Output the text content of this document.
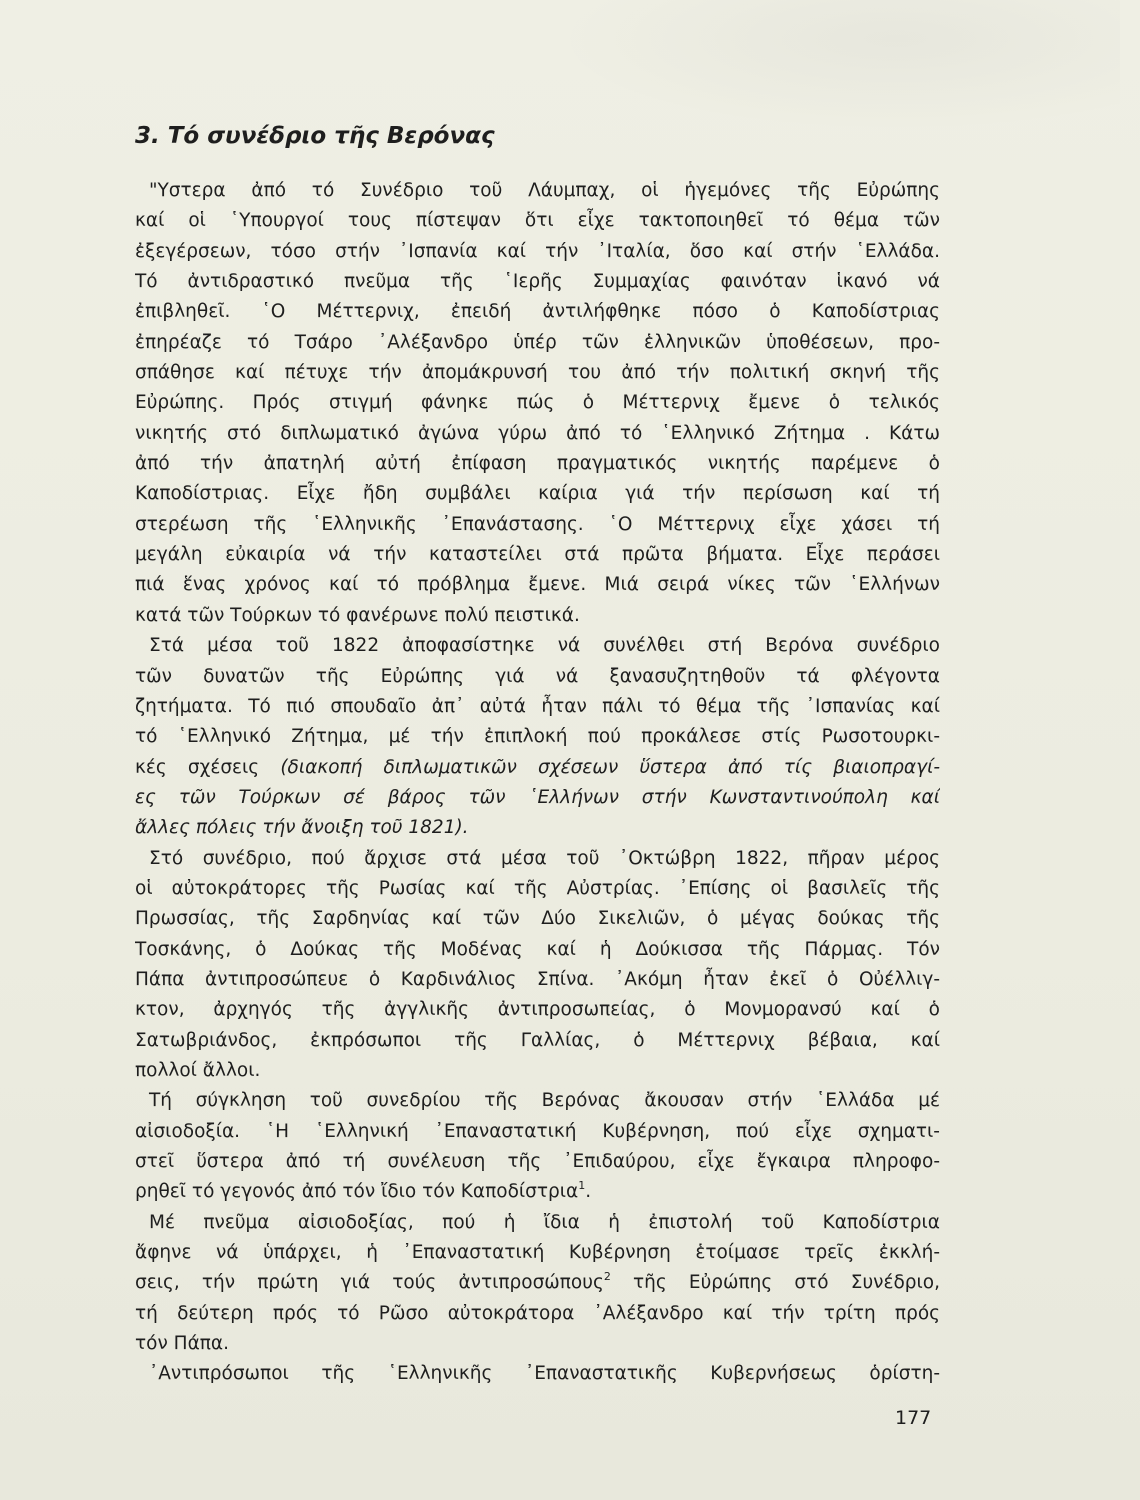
3. Τό συνέδριο τῆς Βερόνας
"Υστερα ἀπό τό Συνέδριο τοῦ Λάυμπαχ, οἱ ἡγεμόνες τῆς Εὐρώπης
καί οἱ ῾Υπουργοί τους πίστεψαν ὅτι εἶχε τακτοποιηθεῖ τό θέμα τῶν
ἐξεγέρσεων, τόσο στήν ᾽Ισπανία καί τήν ᾽Ιταλία, ὅσο καί στήν ῾Ελλάδα.
Τό ἀντιδραστικό πνεῦμα τῆς ῾Ιερῆς Συμμαχίας φαινόταν ἱκανό νά
ἐπιβληθεῖ. ῾Ο Μέττερνιχ, ἐπειδή ἀντιλήφθηκε πόσο ὁ Καποδίστριας
ἐπηρέαζε τό Τσάρο ᾽Αλέξανδρο ὑπέρ τῶν ἑλληνικῶν ὑποθέσεων, προ-
σπάθησε καί πέτυχε τήν ἀπομάκρυνσή του ἀπό τήν πολιτική σκηνή τῆς
Εὐρώπης. Πρός στιγμή φάνηκε πώς ὁ Μέττερνιχ ἔμενε ὁ τελικός
νικητής στό διπλωματικό ἀγώνα γύρω ἀπό τό ῾Ελληνικό Ζήτημα . Κάτω
ἀπό τήν ἀπατηλή αὐτή ἐπίφαση πραγματικός νικητής παρέμενε ὁ
Καποδίστριας. Εἶχε ἤδη συμβάλει καίρια γιά τήν περίσωση καί τή
στερέωση τῆς ῾Ελληνικῆς ᾽Επανάστασης. ῾Ο Μέττερνιχ εἶχε χάσει τή
μεγάλη εὐκαιρία νά τήν καταστείλει στά πρῶτα βήματα. Εἶχε περάσει
πιά ἕνας χρόνος καί τό πρόβλημα ἔμενε. Μιά σειρά νίκες τῶν ῾Ελλήνων
κατά τῶν Τούρκων τό φανέρωνε πολύ πειστικά.
Στά μέσα τοῦ 1822 ἀποφασίστηκε νά συνέλθει στή Βερόνα συνέδριο
τῶν δυνατῶν τῆς Εὐρώπης γιά νά ξανασυζητηθοῦν τά φλέγοντα
ζητήματα. Τό πιό σπουδαῖο ἀπ᾽ αὐτά ἦταν πάλι τό θέμα τῆς ᾽Ισπανίας καί
τό ῾Ελληνικό Ζήτημα, μέ τήν ἐπιπλοκή πού προκάλεσε στίς Ρωσοτουρκι-
κές σχέσεις (διακοπή διπλωματικῶν σχέσεων ὕστερα ἀπό τίς βιαιοπραγί-
ες τῶν Τούρκων σέ βάρος τῶν ῾Ελλήνων στήν Κωνσταντινούπολη καί
ἄλλες πόλεις τήν ἄνοιξη τοῦ 1821).
Στό συνέδριο, πού ἄρχισε στά μέσα τοῦ ᾽Οκτώβρη 1822, πῆραν μέρος
οἱ αὐτοκράτορες τῆς Ρωσίας καί τῆς Αὐστρίας. ᾽Επίσης οἱ βασιλεῖς τῆς
Πρωσσίας, τῆς Σαρδηνίας καί τῶν Δύο Σικελιῶν, ὁ μέγας δούκας τῆς
Τοσκάνης, ὁ Δούκας τῆς Μοδένας καί ἡ Δούκισσα τῆς Πάρμας. Τόν
Πάπα ἀντιπροσώπευε ὁ Καρδινάλιος Σπίνα. ᾽Ακόμη ἦταν ἐκεῖ ὁ Οὐέλλιγ-
κτον, ἀρχηγός τῆς ἀγγλικῆς ἀντιπροσωπείας, ὁ Μονμορανσύ καί ὁ
Σατωβριάνδος, ἐκπρόσωποι τῆς Γαλλίας, ὁ Μέττερνιχ βέβαια, καί
πολλοί ἄλλοι.
Τή σύγκληση τοῦ συνεδρίου τῆς Βερόνας ἄκουσαν στήν ῾Ελλάδα μέ
αἰσιοδοξία. ῾Η ῾Ελληνική ᾽Επαναστατική Κυβέρνηση, πού εἶχε σχηματι-
στεῖ ὕστερα ἀπό τή συνέλευση τῆς ᾽Επιδαύρου, εἶχε ἔγκαιρα πληροφο-
ρηθεῖ τό γεγονός ἀπό τόν ἴδιο τόν Καποδίστρια$^1$.
Μέ πνεῦμα αἰσιοδοξίας, πού ἡ ἴδια ἡ ἐπιστολή τοῦ Καποδίστρια
ἄφηνε νά ὑπάρχει, ἡ ᾽Επαναστατική Κυβέρνηση ἑτοίμασε τρεῖς ἐκκλή-
σεις, τήν πρώτη γιά τούς ἀντιπροσώπους$^2$ τῆς Εὐρώπης στό Συνέδριο,
τή δεύτερη πρός τό Ρῶσο αὐτοκράτορα ᾽Αλέξανδρο καί τήν τρίτη πρός
τόν Πάπα.
᾽Αντιπρόσωποι τῆς ῾Ελληνικῆς ᾽Επαναστατικῆς Κυβερνήσεως ὁρίστη-
177
